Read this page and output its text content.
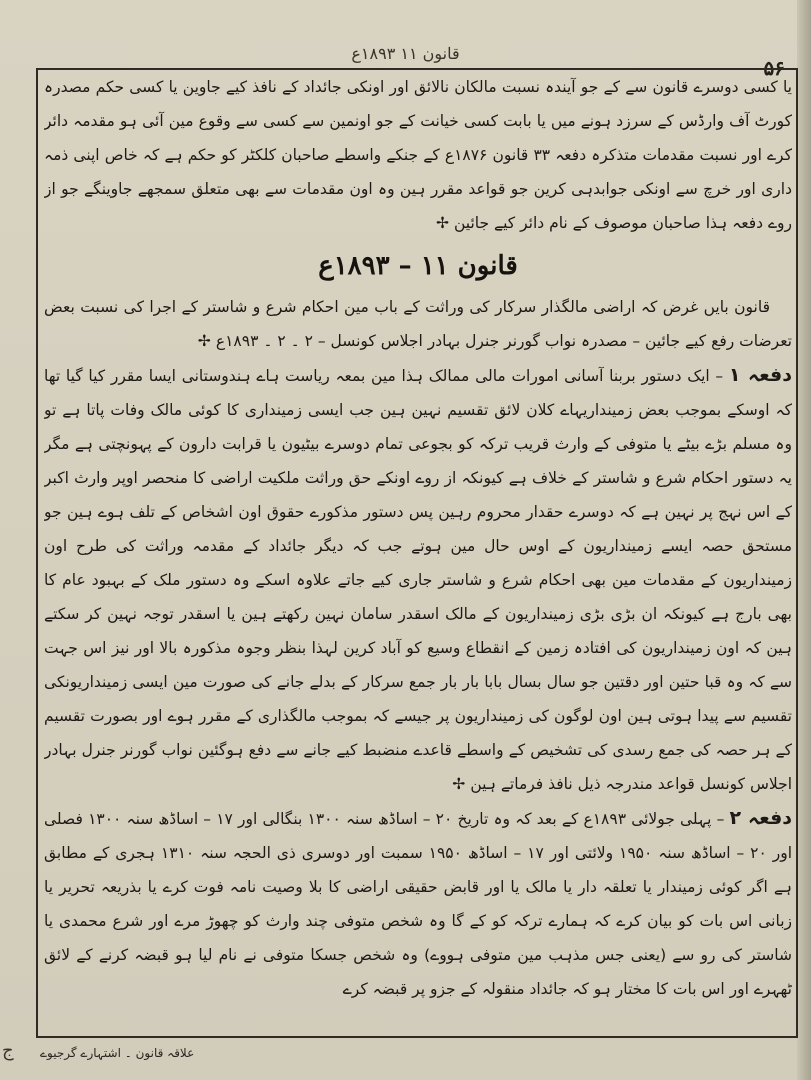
۵۶
قانون ۱۱ ۱۸۹۳ع

یا کسی دوسرے قانون سے کے جو آیندہ نسبت مالکان نالائق اور اونکی جائداد کے نافذ کیے جاوین یا کسی حکم مصدرہ کورٹ آف وارڈس کے سرزد ہونے میں یا بابت کسی خیانت کے جو اونمین سے کسی سے وقوع مین آئی ہو مقدمہ دائر کرے اور نسبت مقدمات متذکرہ دفعہ ۳۳ قانون ۱۸۷۶ع کے جنکے واسطے صاحبان کلکٹر کو حکم ہے کہ خاص اپنی ذمہ داری اور خرچ سے اونکی جوابدہی کرین جو قواعد مقرر ہین وہ اون مقدمات سے بھی متعلق سمجھے جاوینگے جو از روے دفعہ ہذا صاحبان موصوف کے نام دائر کیے جائین ✢

قانون ۱۱ – ۱۸۹۳ع

قانون بایں غرض کہ اراضی مالگذار سرکار کی وراثت کے باب مین احکام شرع و شاستر کے اجرا کی نسبت بعض تعرضات رفع کیے جائین – مصدرہ نواب گورنر جنرل بہادر اجلاس کونسل – ۲ ۔ ۲ ۔ ۱۸۹۳ع ✢

دفعہ ۱ – ایک دستور بربنا آسانی امورات مالی ممالک ہذا مین بمعہ ریاست ہاے ہندوستانی ایسا مقرر کیا گیا تھا کہ اوسکے بموجب بعض زمینداریہاے کلان لائق تقسیم نہین ہین جب ایسی زمینداری کا کوئی مالک وفات پاتا ہے تو وہ مسلم بڑے بیٹے یا متوفی کے وارث قریب ترکہ کو بجوعی تمام دوسرے بیٹیون یا قرابت دارون کے پہونچتی ہے مگر یہ دستور احکام شرع و شاستر کے خلاف ہے کیونکہ از روے اونکے حق وراثت ملکیت اراضی کا منحصر اوپر وارث اکبر کے اس نہج پر نہین ہے کہ دوسرے حقدار محروم رہین پس دستور مذکورے حقوق اون اشخاص کے تلف ہوے ہین جو مستحق حصہ ایسے زمینداریون کے اوس حال مین ہوتے جب کہ دیگر جائداد کے مقدمہ وراثت کی طرح اون زمینداریون کے مقدمات مین بھی احکام شرع و شاستر جاری کیے جاتے علاوہ اسکے وہ دستور ملک کے بہبود عام کا بھی بارج ہے کیونکہ ان بڑی بڑی زمینداریون کے مالک اسقدر سامان نہین رکھتے ہین یا اسقدر توجہ نہین کر سکتے ہین کہ اون زمینداریون کی افتادہ زمین کے انقطاع وسیع کو آباد کرین لہذا بنظر وجوہ مذکورہ بالا اور نیز اس جہت سے کہ وہ قبا حتین اور دقتین جو سال بسال بابا بار بار جمع سرکار کے بدلے جانے کی صورت مین ایسی زمینداریونکی تقسیم سے پیدا ہوتی ہین اون لوگون کی زمینداریون پر جیسے کہ بموجب مالگذاری کے مقرر ہوے اور بصورت تقسیم کے ہر حصہ کی جمع رسدی کی تشخیص کے واسطے قاعدے منضبط کیے جانے سے دفع ہوگئین نواب گورنر جنرل بہادر اجلاس کونسل قواعد مندرجہ ذیل نافذ فرماتے ہین ✢

دفعہ ۲ – پہلی جولائی ۱۸۹۳ع کے بعد کہ وہ تاریخ ۲۰ – اساڈھ سنہ ۱۳۰۰ بنگالی اور ۱۷ – اساڈھ سنہ ۱۳۰۰ فصلی اور ۲۰ – اساڈھ سنہ ۱۹۵۰ ولائتی اور ۱۷ – اساڈھ ۱۹۵۰ سمبت اور دوسری ذی الحجہ سنہ ۱۳۱۰ ہجری کے مطابق ہے اگر کوئی زمیندار یا تعلقہ دار یا مالک یا اور قابض حقیقی اراضی کا بلا وصیت نامہ فوت کرے یا بذریعہ تحریر یا زبانی اس بات کو بیان کرے کہ ہمارے ترکہ کو کے گا وہ شخص متوفی چند وارث کو چھوڑ مرے اور شرع محمدی یا شاستر کی رو سے (یعنی جس مذہب مین متوفی ہووے) وہ شخص جسکا متوفی نے نام لیا ہو قبضہ کرنے کے لائق ٹھہرے اور اس بات کا مختار ہو کہ جائداد منقولہ کے جزو پر قبضہ کرے

ج علاقہ قانون ۔ اشتہارے گرجیوے
